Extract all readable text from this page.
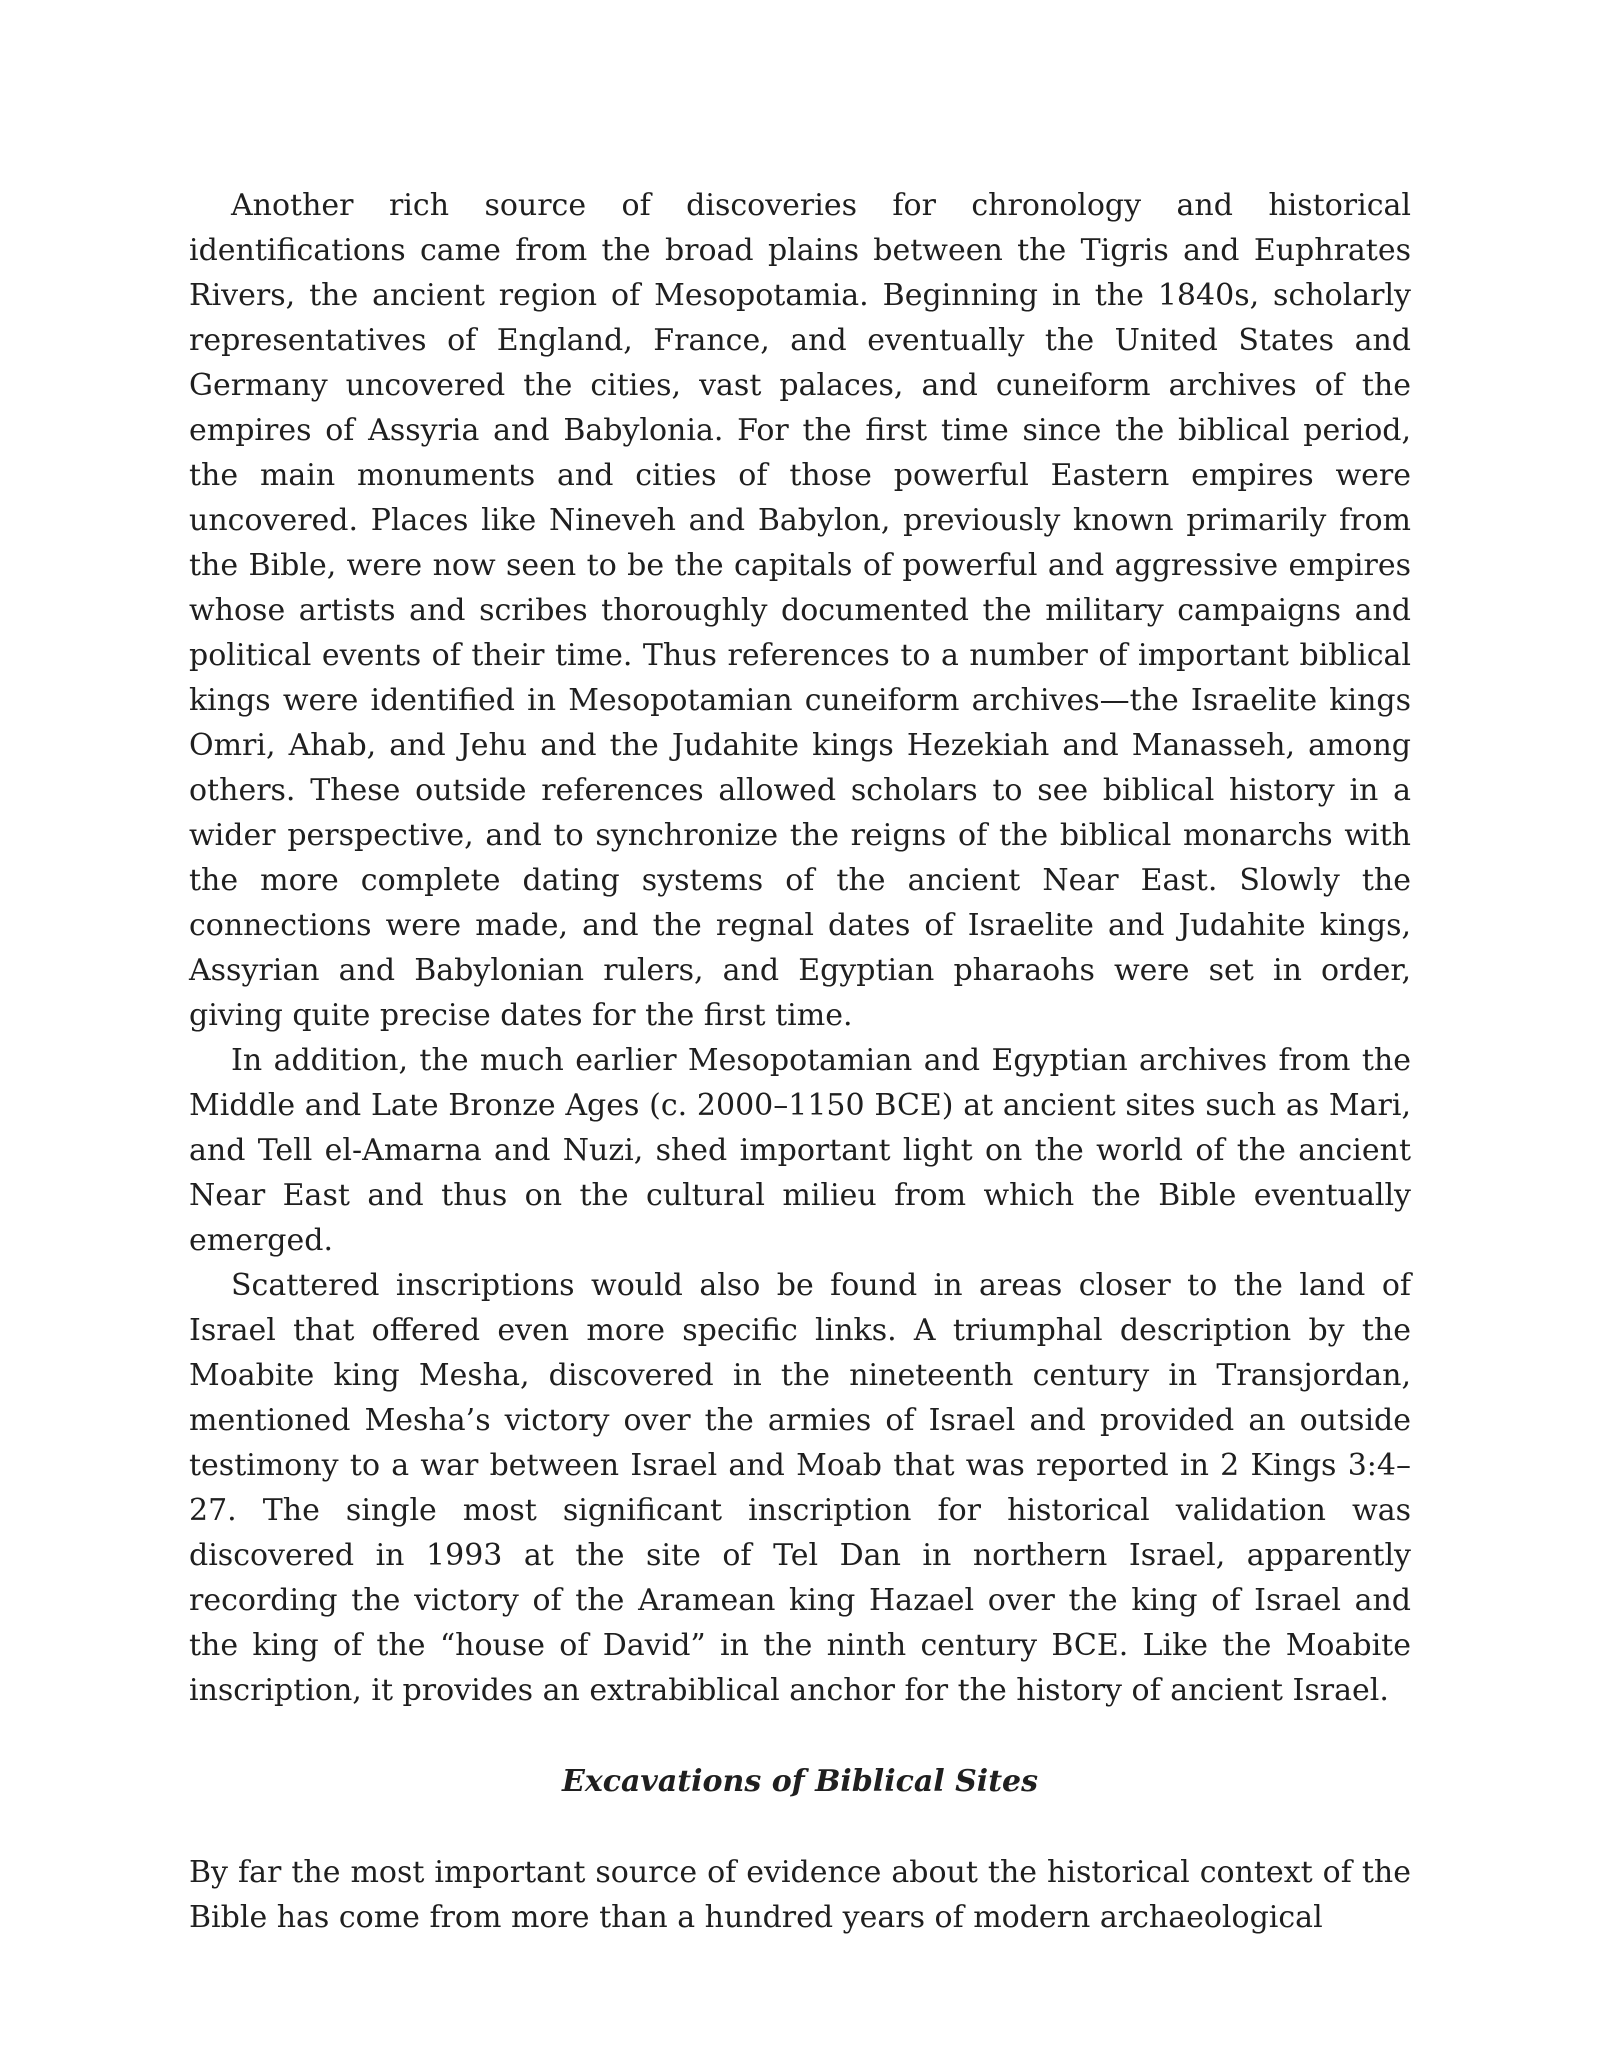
Another rich source of discoveries for chronology and historical identifications came from the broad plains between the Tigris and Euphrates Rivers, the ancient region of Mesopotamia. Beginning in the 1840s, scholarly representatives of England, France, and eventually the United States and Germany uncovered the cities, vast palaces, and cuneiform archives of the empires of Assyria and Babylonia. For the first time since the biblical period, the main monuments and cities of those powerful Eastern empires were uncovered. Places like Nineveh and Babylon, previously known primarily from the Bible, were now seen to be the capitals of powerful and aggressive empires whose artists and scribes thoroughly documented the military campaigns and political events of their time. Thus references to a number of important biblical kings were identified in Mesopotamian cuneiform archives—the Israelite kings Omri, Ahab, and Jehu and the Judahite kings Hezekiah and Manasseh, among others. These outside references allowed scholars to see biblical history in a wider perspective, and to synchronize the reigns of the biblical monarchs with the more complete dating systems of the ancient Near East. Slowly the connections were made, and the regnal dates of Israelite and Judahite kings, Assyrian and Babylonian rulers, and Egyptian pharaohs were set in order, giving quite precise dates for the first time.

In addition, the much earlier Mesopotamian and Egyptian archives from the Middle and Late Bronze Ages (c. 2000–1150 BCE) at ancient sites such as Mari, and Tell el-Amarna and Nuzi, shed important light on the world of the ancient Near East and thus on the cultural milieu from which the Bible eventually emerged.

Scattered inscriptions would also be found in areas closer to the land of Israel that offered even more specific links. A triumphal description by the Moabite king Mesha, discovered in the nineteenth century in Transjordan, mentioned Mesha’s victory over the armies of Israel and provided an outside testimony to a war between Israel and Moab that was reported in 2 Kings 3:4–27. The single most significant inscription for historical validation was discovered in 1993 at the site of Tel Dan in northern Israel, apparently recording the victory of the Aramean king Hazael over the king of Israel and the king of the “house of David” in the ninth century BCE. Like the Moabite inscription, it provides an extrabiblical anchor for the history of ancient Israel.

Excavations of Biblical Sites

By far the most important source of evidence about the historical context of the Bible has come from more than a hundred years of modern archaeological
